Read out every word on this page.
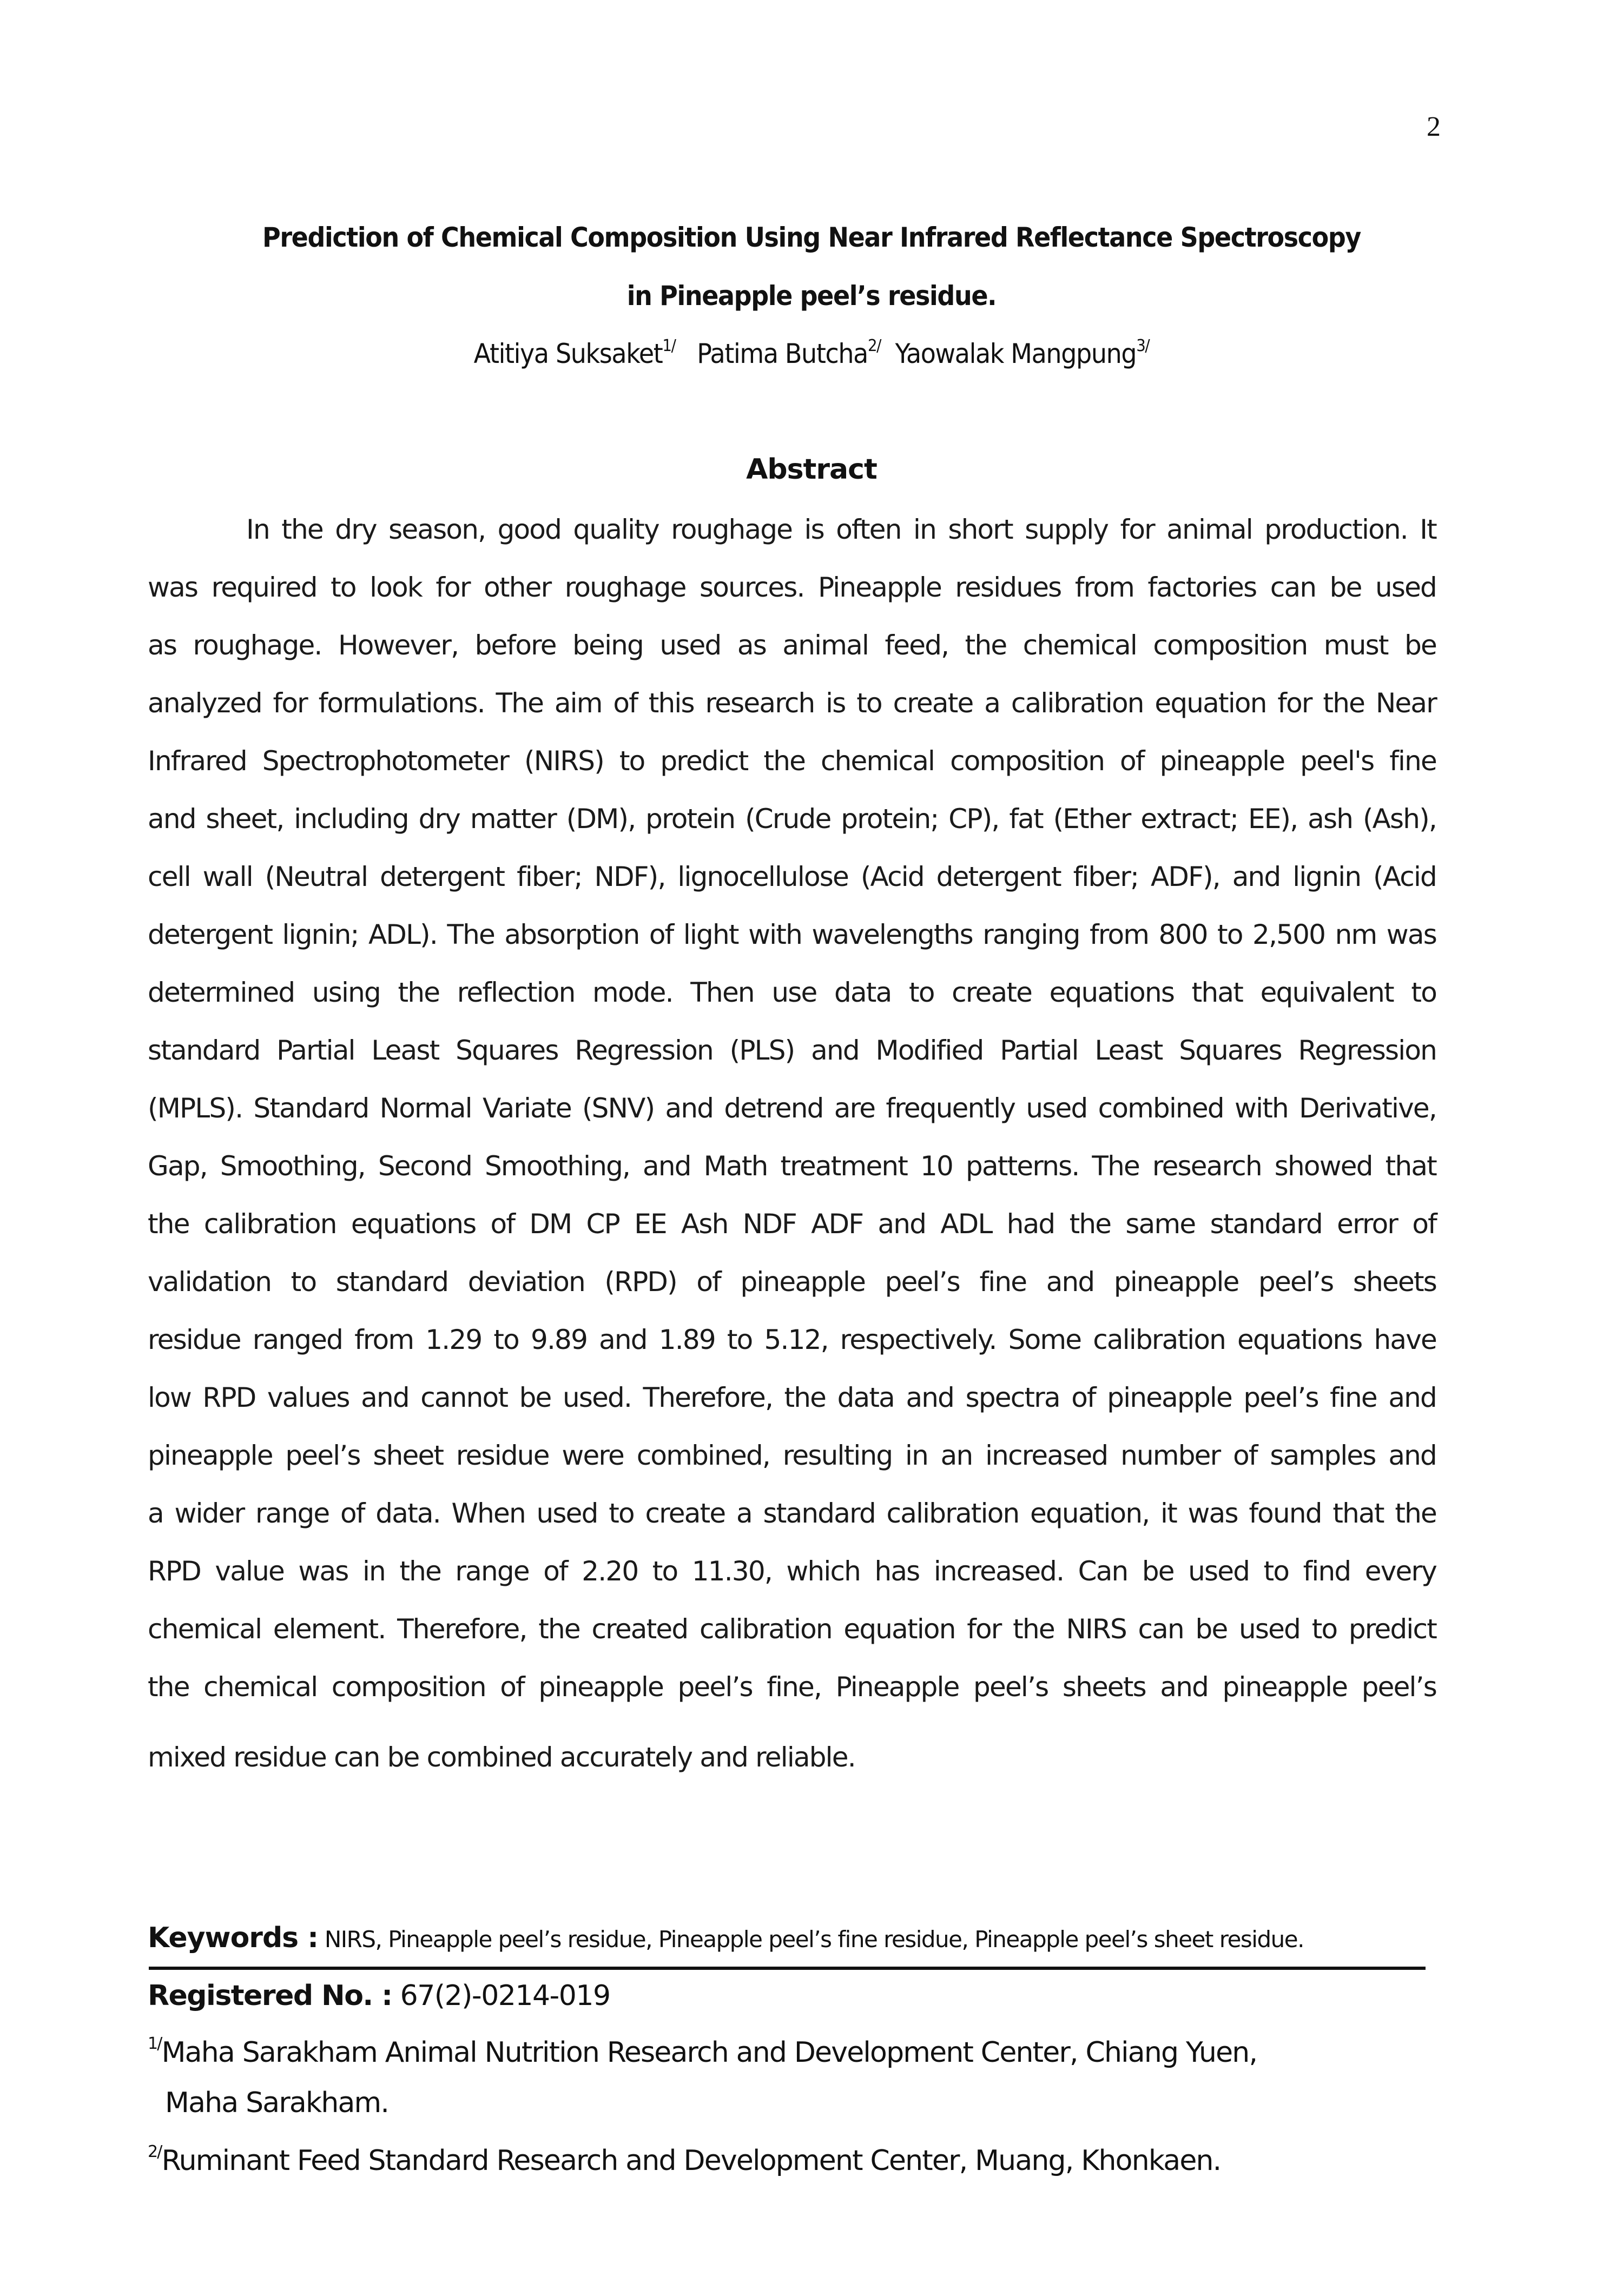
2
Prediction of Chemical Composition Using Near Infrared Reflectance Spectroscopy
in Pineapple peel’s residue.
Atitiya Suksaket$^{1/}$ Patima Butcha$^{2/}$ Yaowalak Mangpung$^{3/}$
Abstract
In the dry season, good quality roughage is often in short supply for animal production. It
was required to look for other roughage sources. Pineapple residues from factories can be used
as roughage. However, before being used as animal feed, the chemical composition must be
analyzed for formulations. The aim of this research is to create a calibration equation for the Near
Infrared Spectrophotometer (NIRS) to predict the chemical composition of pineapple peel's fine
and sheet, including dry matter (DM), protein (Crude protein; CP), fat (Ether extract; EE), ash (Ash),
cell wall (Neutral detergent fiber; NDF), lignocellulose (Acid detergent fiber; ADF), and lignin (Acid
detergent lignin; ADL). The absorption of light with wavelengths ranging from 800 to 2,500 nm was
determined using the reflection mode. Then use data to create equations that equivalent to
standard Partial Least Squares Regression (PLS) and Modified Partial Least Squares Regression
(MPLS). Standard Normal Variate (SNV) and detrend are frequently used combined with Derivative,
Gap, Smoothing, Second Smoothing, and Math treatment 10 patterns. The research showed that
the calibration equations of DM CP EE Ash NDF ADF and ADL had the same standard error of
validation to standard deviation (RPD) of pineapple peel’s fine and pineapple peel’s sheets
residue ranged from 1.29 to 9.89 and 1.89 to 5.12, respectively. Some calibration equations have
low RPD values and cannot be used. Therefore, the data and spectra of pineapple peel’s fine and
pineapple peel’s sheet residue were combined, resulting in an increased number of samples and
a wider range of data. When used to create a standard calibration equation, it was found that the
RPD value was in the range of 2.20 to 11.30, which has increased. Can be used to find every
chemical element. Therefore, the created calibration equation for the NIRS can be used to predict
the chemical composition of pineapple peel’s fine, Pineapple peel’s sheets and pineapple peel’s
mixed residue can be combined accurately and reliable.
Keywords : NIRS, Pineapple peel’s residue, Pineapple peel’s fine residue, Pineapple peel’s sheet residue.
Registered No. : 67(2)-0214-019
$^{1/}$Maha Sarakham Animal Nutrition Research and Development Center, Chiang Yuen,
Maha Sarakham.
$^{2/}$Ruminant Feed Standard Research and Development Center, Muang, Khonkaen.
